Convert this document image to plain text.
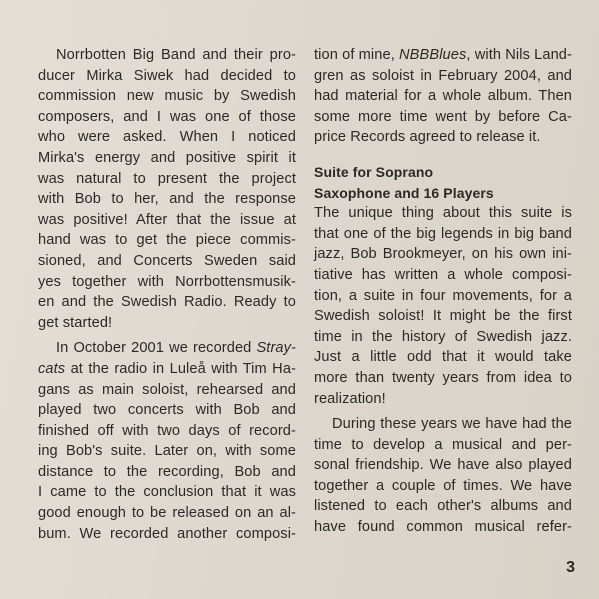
Norrbotten Big Band and their pro-
ducer Mirka Siwek had decided to
commission new music by Swedish
composers, and I was one of those
who were asked. When I noticed
Mirka's energy and positive spirit it
was natural to present the project
with Bob to her, and the response
was positive! After that the issue at
hand was to get the piece commis-
sioned, and Concerts Sweden said
yes together with Norrbottensmusik-
en and the Swedish Radio. Ready to
get started!
In October 2001 we recorded Stray-
cats at the radio in Luleå with Tim Ha-
gans as main soloist, rehearsed and
played two concerts with Bob and
finished off with two days of record-
ing Bob's suite. Later on, with some
distance to the recording, Bob and
I came to the conclusion that it was
good enough to be released on an al-
bum. We recorded another composi-
tion of mine, NBBBlues, with Nils Land-
gren as soloist in February 2004, and
had material for a whole album. Then
some more time went by before Ca-
price Records agreed to release it.
Suite for Soprano
Saxophone and 16 Players
The unique thing about this suite is
that one of the big legends in big band
jazz, Bob Brookmeyer, on his own ini-
tiative has written a whole composi-
tion, a suite in four movements, for a
Swedish soloist! It might be the first
time in the history of Swedish jazz.
Just a little odd that it would take
more than twenty years from idea to
realization!
During these years we have had the
time to develop a musical and per-
sonal friendship. We have also played
together a couple of times. We have
listened to each other's albums and
have found common musical refer-
3
